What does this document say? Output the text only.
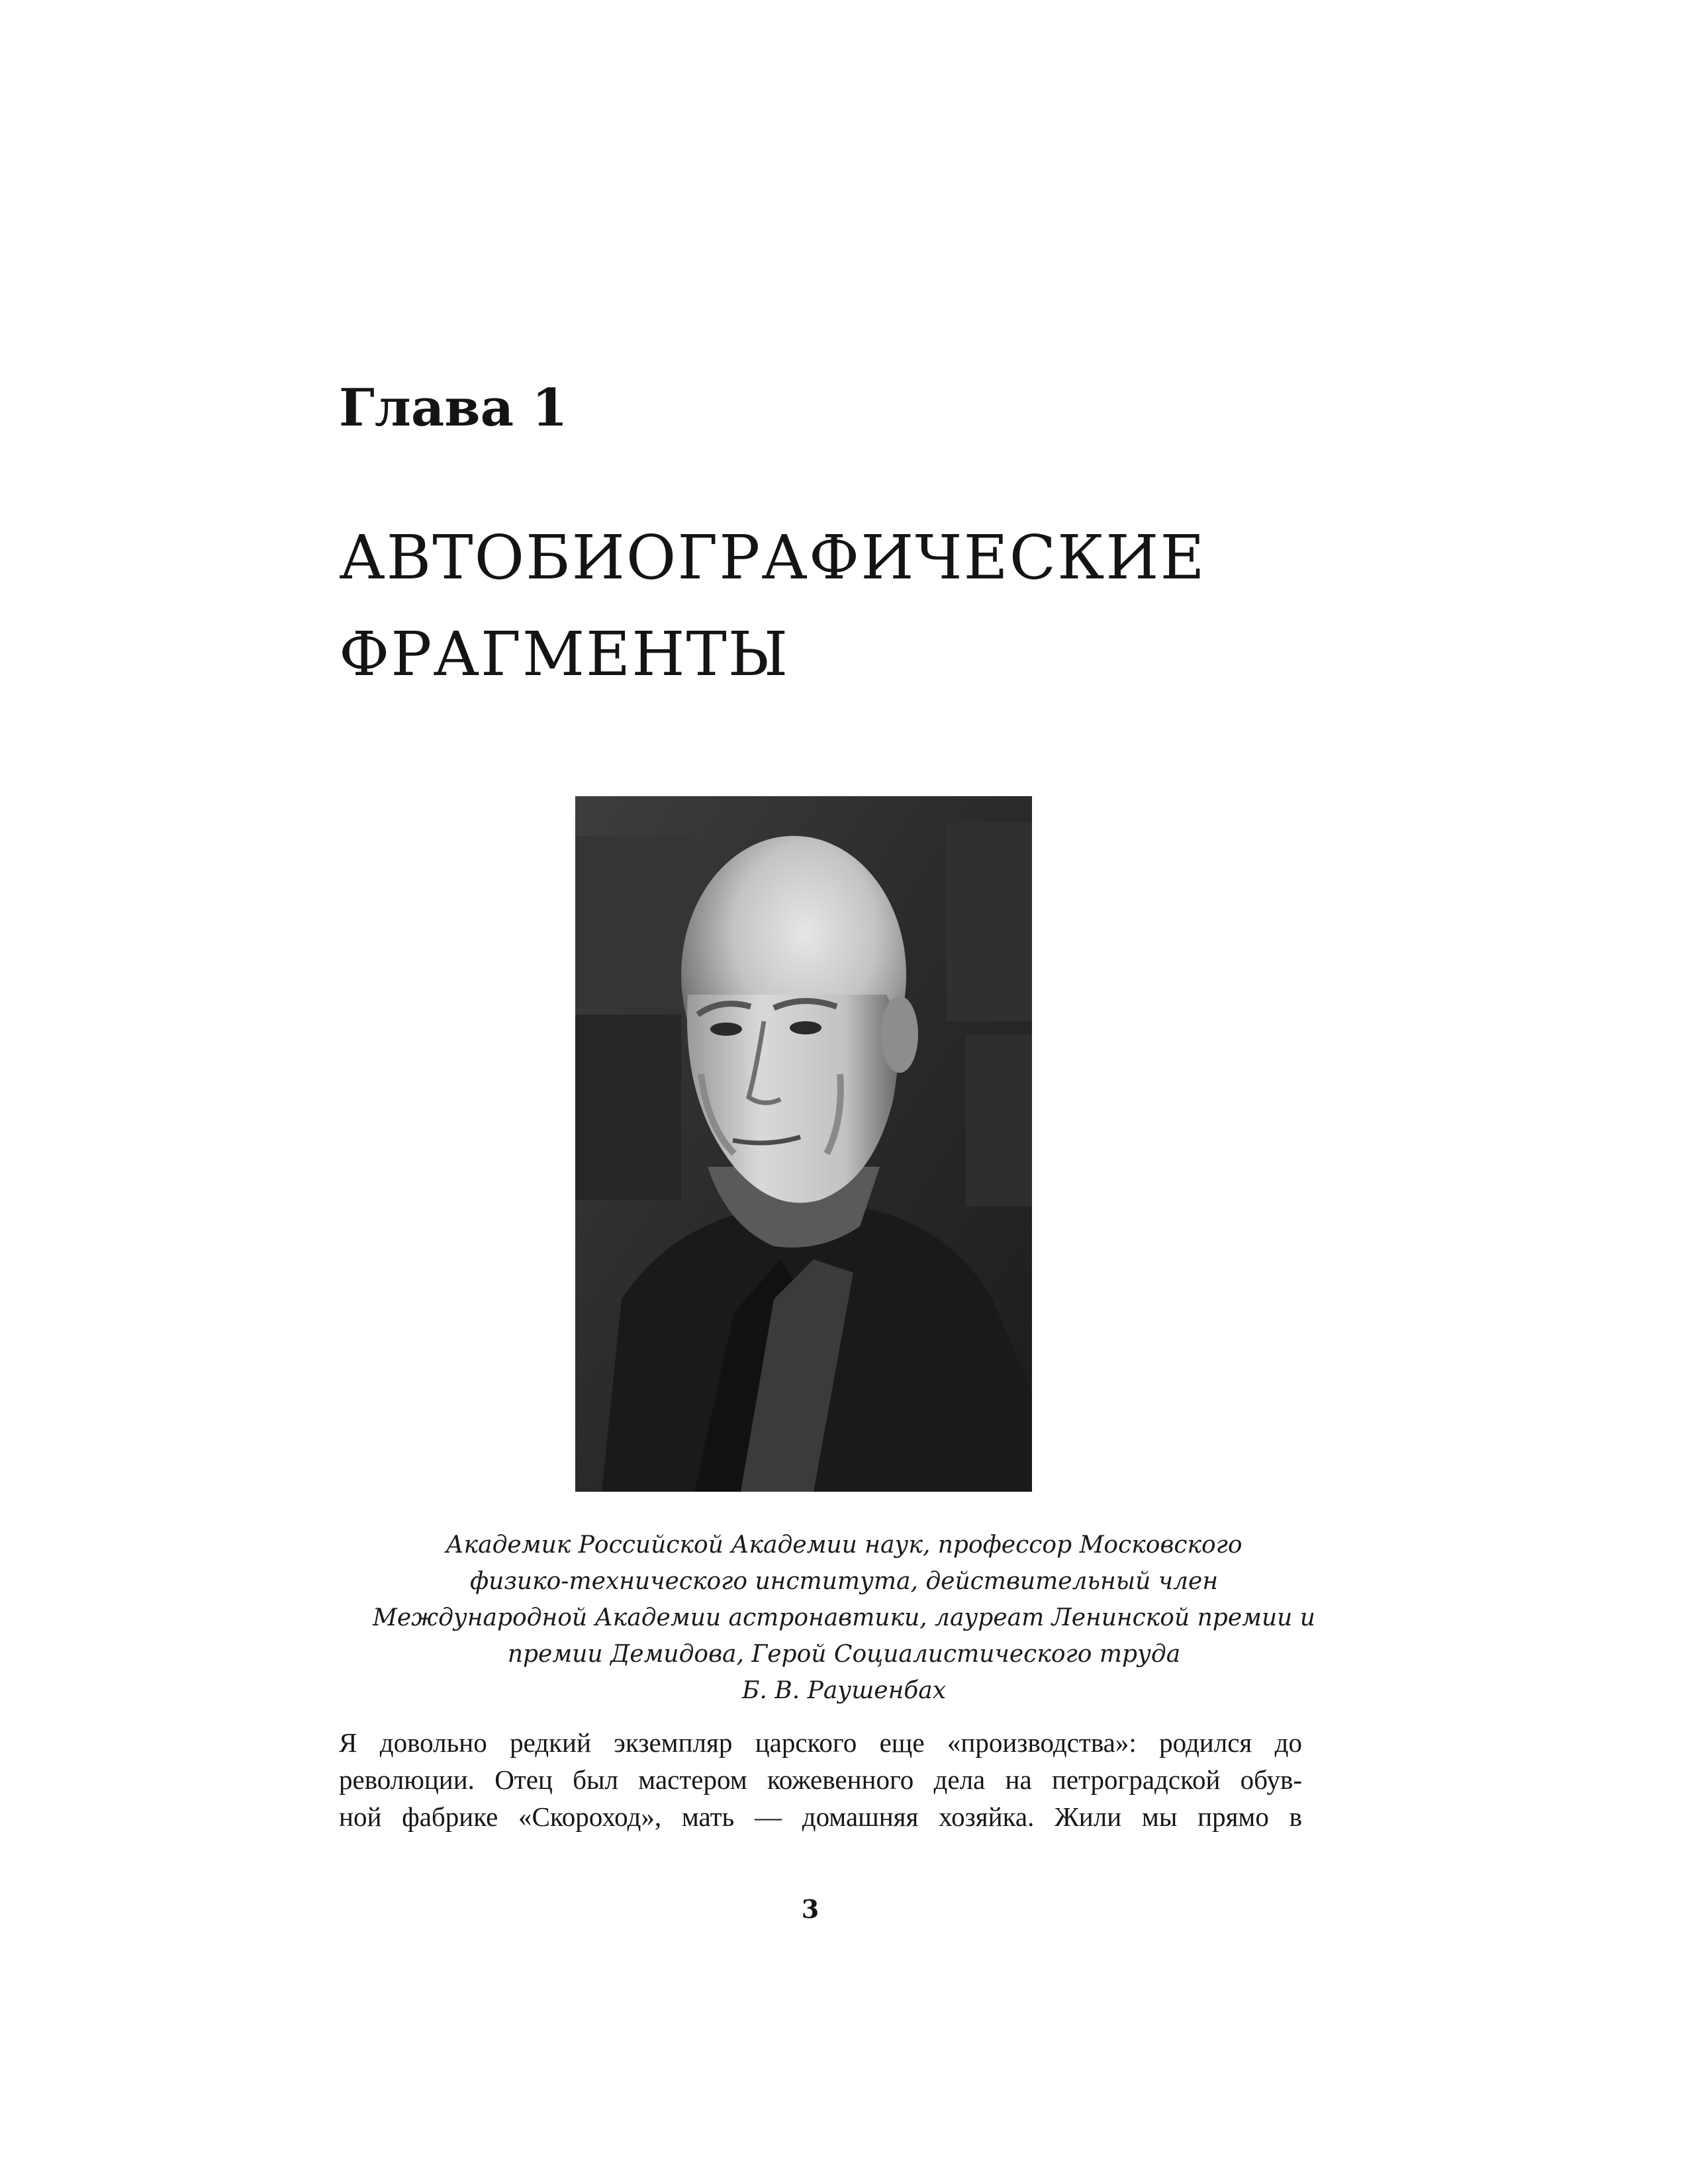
Глава 1
АВТОБИОГРАФИЧЕСКИЕ
ФРАГМЕНТЫ
Академик Российской Академии наук, профессор Московского
физико-технического института, действительный член
Международной Академии астронавтики, лауреат Ленинской премии и
премии Демидова, Герой Социалистического труда
Б. В. Раушенбах
Я довольно редкий экземпляр царского еще «производства»: родился до
революции. Отец был мастером кожевенного дела на петроградской обув-
ной фабрике «Скороход», мать — домашняя хозяйка. Жили мы прямо в
3
